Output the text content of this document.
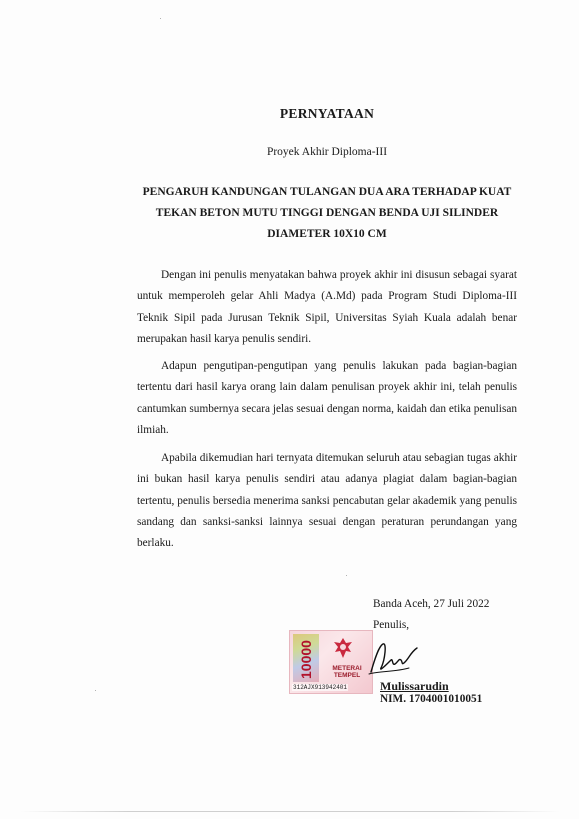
PERNYATAAN
Proyek Akhir Diploma-III
PENGARUH KANDUNGAN TULANGAN DUA ARA TERHADAP KUAT TEKAN BETON MUTU TINGGI DENGAN BENDA UJI SILINDER DIAMETER 10X10 CM

Dengan ini penulis menyatakan bahwa proyek akhir ini disusun sebagai syarat untuk memperoleh gelar Ahli Madya (A.Md) pada Program Studi Diploma-III Teknik Sipil pada Jurusan Teknik Sipil, Universitas Syiah Kuala adalah benar merupakan hasil karya penulis sendiri.

Adapun pengutipan-pengutipan yang penulis lakukan pada bagian-bagian tertentu dari hasil karya orang lain dalam penulisan proyek akhir ini, telah penulis cantumkan sumbernya secara jelas sesuai dengan norma, kaidah dan etika penulisan ilmiah.

Apabila dikemudian hari ternyata ditemukan seluruh atau sebagian tugas akhir ini bukan hasil karya penulis sendiri atau adanya plagiat dalam bagian-bagian tertentu, penulis bersedia menerima sanksi pencabutan gelar akademik yang penulis sandang dan sanksi-sanksi lainnya sesuai dengan peraturan perundangan yang berlaku.

Banda Aceh, 27 Juli 2022
Penulis,
10000	METERAI TEMPEL
312AJX913942401	Mulissarudin
NIM. 1704001010051
